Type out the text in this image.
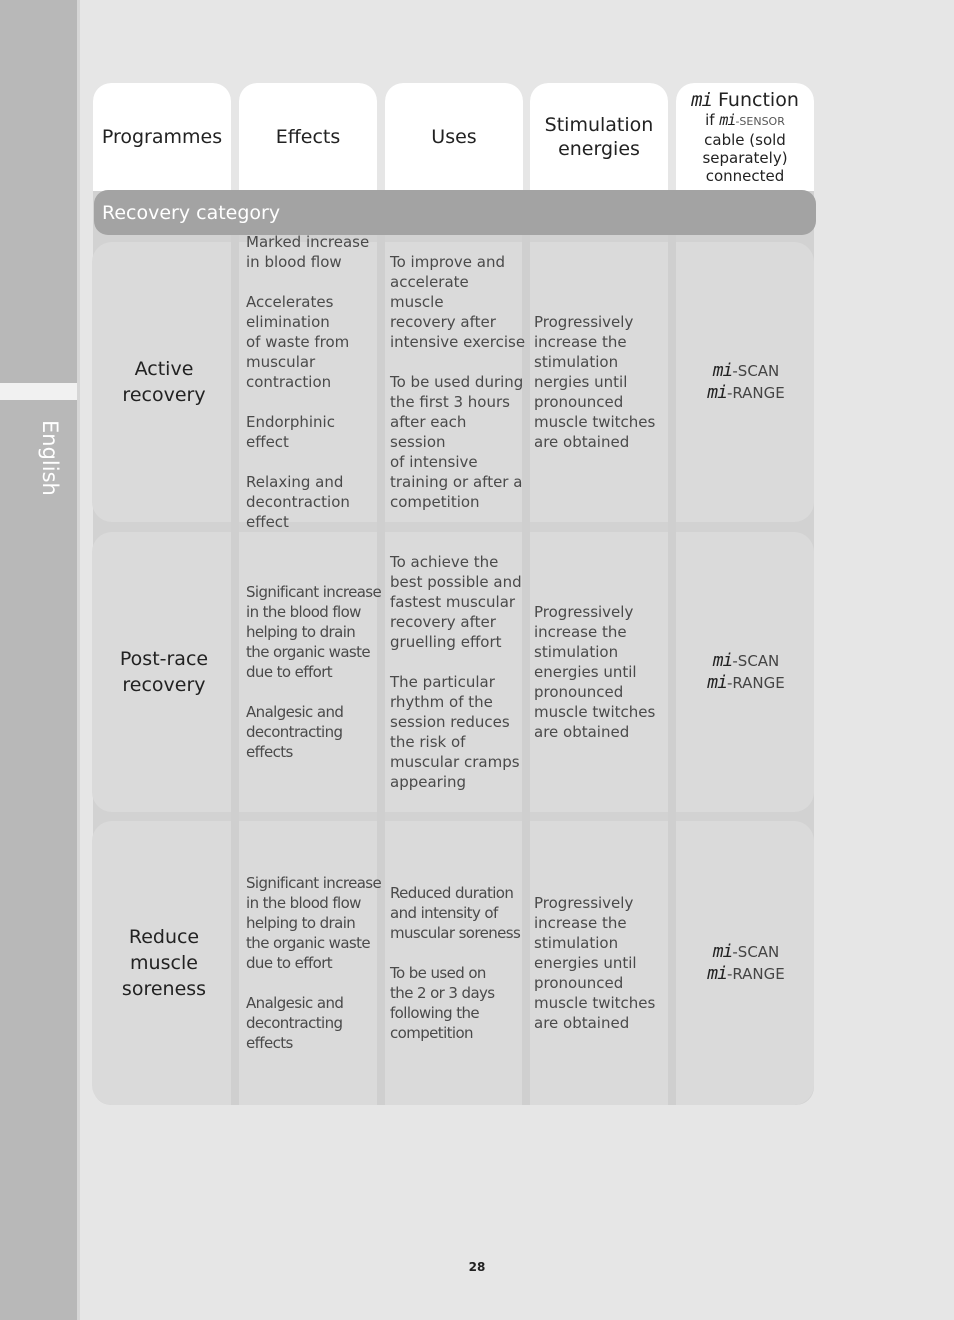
English
Programmes	Effects	Uses
Stimulation
energies
mi Function
if mi-SENSOR
cable (sold
separately)
connected
Recovery category
Active
recovery
Marked increase
in blood flow

Accelerates
elimination
of waste from
muscular
contraction

Endorphinic effect

Relaxing and
decontraction
effect
To improve and
accelerate muscle
recovery after
intensive exercise

To be used during
the first 3 hours
after each session
of intensive
training or after a
competition
Progressively
increase the
stimulation
nergies until
pronounced
muscle twitches
are obtained
mi-SCAN
mi-RANGE
Post-race
recovery
Significant increase
in the blood flow
helping to drain
the organic waste
due to effort

Analgesic and
decontracting
effects
To achieve the
best possible and
fastest muscular
recovery after
gruelling effort

The particular
rhythm of the
session reduces
the risk of
muscular cramps
appearing
Progressively
increase the
stimulation
energies until
pronounced
muscle twitches
are obtained
mi-SCAN
mi-RANGE
Reduce
muscle
soreness
Significant increase
in the blood flow
helping to drain
the organic waste
due to effort

Analgesic and
decontracting
effects
Reduced duration
and intensity of
muscular soreness

To be used on
the 2 or 3 days
following the
competition
Progressively
increase the
stimulation
energies until
pronounced
muscle twitches
are obtained
mi-SCAN
mi-RANGE
28
